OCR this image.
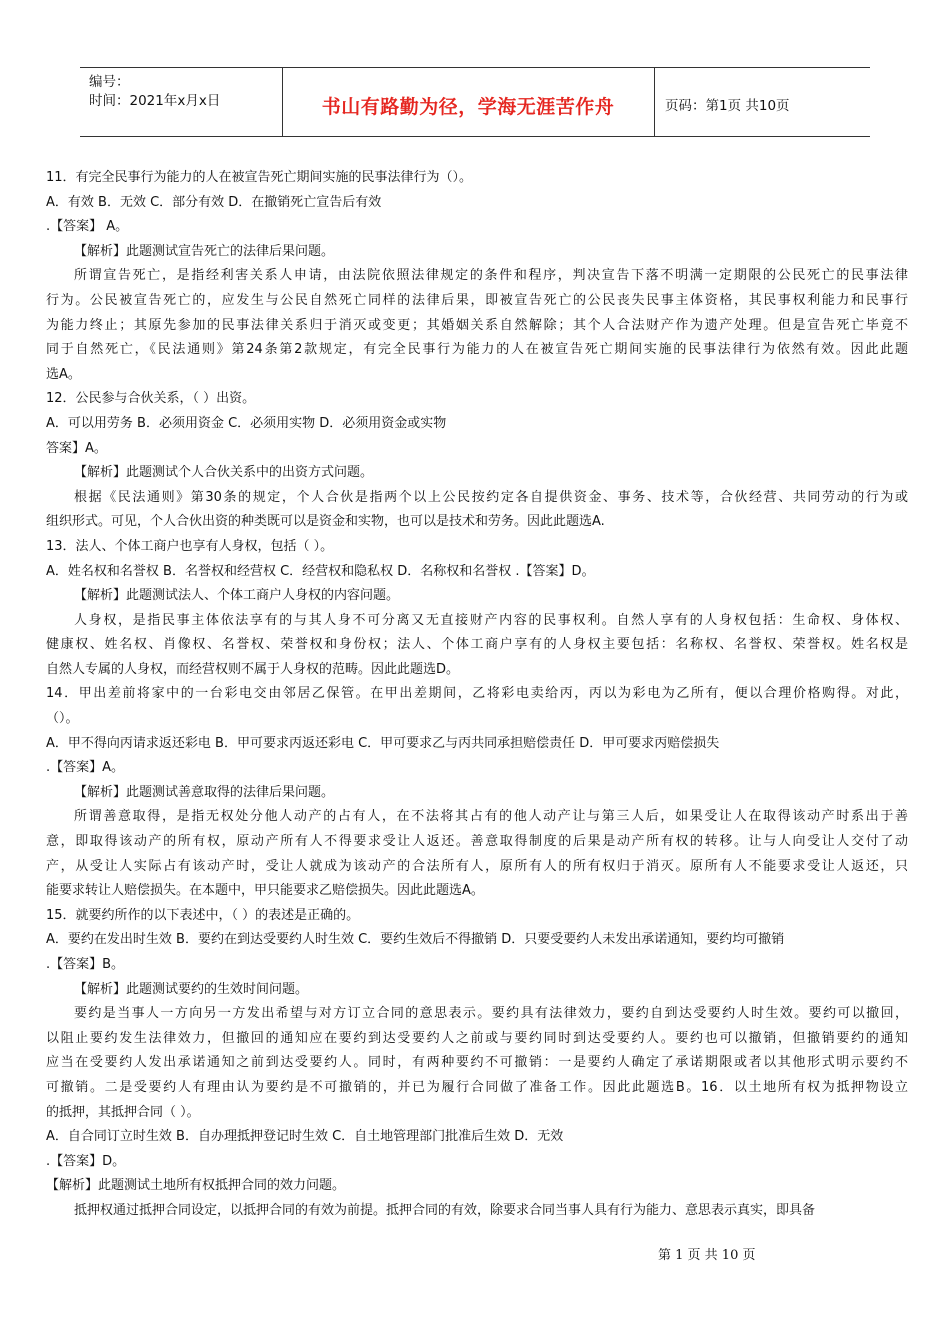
编号：
时间：2021年x月x日	书山有路勤为径，学海无涯苦作舟	页码：第1页 共10页
11．有完全民事行为能力的人在被宣告死亡期间实施的民事法律行为（）。
A．有效 B．无效 C．部分有效 D．在撤销死亡宣告后有效
.【答案】 A。
【解析】此题测试宣告死亡的法律后果问题。
所谓宣告死亡，是指经利害关系人申请，由法院依照法律规定的条件和程序，判决宣告下落不明满一定期限的公民死亡的民事法律
行为。公民被宣告死亡的，应发生与公民自然死亡同样的法律后果，即被宣告死亡的公民丧失民事主体资格，其民事权利能力和民事行
为能力终止；其原先参加的民事法律关系归于消灭或变更；其婚姻关系自然解除；其个人合法财产作为遗产处理。但是宣告死亡毕竟不
同于自然死亡，《民法通则》第24条第2款规定，有完全民事行为能力的人在被宣告死亡期间实施的民事法律行为依然有效。因此此题
选A。
12．公民参与合伙关系，（ ）出资。
A．可以用劳务 B．必须用资金 C．必须用实物 D．必须用资金或实物
答案】A。
【解析】此题测试个人合伙关系中的出资方式问题。
根据《民法通则》第30条的规定，个人合伙是指两个以上公民按约定各自提供资金、事务、技术等，合伙经营、共同劳动的行为或
组织形式。可见，个人合伙出资的种类既可以是资金和实物，也可以是技术和劳务。因此此题选A.
13．法人、个体工商户也享有人身权，包括（ ）。
A．姓名权和名誉权 B．名誉权和经营权 C．经营权和隐私权 D．名称权和名誉权 .【答案】D。
【解析】此题测试法人、个体工商户人身权的内容问题。
人身权，是指民事主体依法享有的与其人身不可分离又无直接财产内容的民事权利。自然人享有的人身权包括：生命权、身体权、
健康权、姓名权、肖像权、名誉权、荣誉权和身份权；法人、个体工商户享有的人身权主要包括：名称权、名誉权、荣誉权。姓名权是
自然人专属的人身权，而经营权则不属于人身权的范畴。因此此题选D。
14．甲出差前将家中的一台彩电交由邻居乙保管。在甲出差期间，乙将彩电卖给丙，丙以为彩电为乙所有，便以合理价格购得。对此，
（）。
A．甲不得向丙请求返还彩电 B．甲可要求丙返还彩电 C．甲可要求乙与丙共同承担赔偿责任 D．甲可要求丙赔偿损失
.【答案】A。
【解析】此题测试善意取得的法律后果问题。
所谓善意取得，是指无权处分他人动产的占有人，在不法将其占有的他人动产让与第三人后，如果受让人在取得该动产时系出于善
意，即取得该动产的所有权，原动产所有人不得要求受让人返还。善意取得制度的后果是动产所有权的转移。让与人向受让人交付了动
产，从受让人实际占有该动产时，受让人就成为该动产的合法所有人，原所有人的所有权归于消灭。原所有人不能要求受让人返还，只
能要求转让人赔偿损失。在本题中，甲只能要求乙赔偿损失。因此此题选A。
15．就要约所作的以下表述中，（ ）的表述是正确的。
A．要约在发出时生效 B．要约在到达受要约人时生效 C．要约生效后不得撤销 D．只要受要约人未发出承诺通知，要约均可撤销
.【答案】B。
【解析】此题测试要约的生效时间问题。
要约是当事人一方向另一方发出希望与对方订立合同的意思表示。要约具有法律效力，要约自到达受要约人时生效。要约可以撤回，
以阻止要约发生法律效力，但撤回的通知应在要约到达受要约人之前或与要约同时到达受要约人。要约也可以撤销，但撤销要约的通知
应当在受要约人发出承诺通知之前到达受要约人。同时，有两种要约不可撤销：一是要约人确定了承诺期限或者以其他形式明示要约不
可撤销。二是受要约人有理由认为要约是不可撤销的，并已为履行合同做了准备工作。因此此题选B。16．以土地所有权为抵押物设立
的抵押，其抵押合同（ ）。
A．自合同订立时生效 B．自办理抵押登记时生效 C．自土地管理部门批准后生效 D．无效
.【答案】D。
【解析】此题测试土地所有权抵押合同的效力问题。
抵押权通过抵押合同设定，以抵押合同的有效为前提。抵押合同的有效，除要求合同当事人具有行为能力、意思表示真实，即具备
第 1 页 共 10 页
